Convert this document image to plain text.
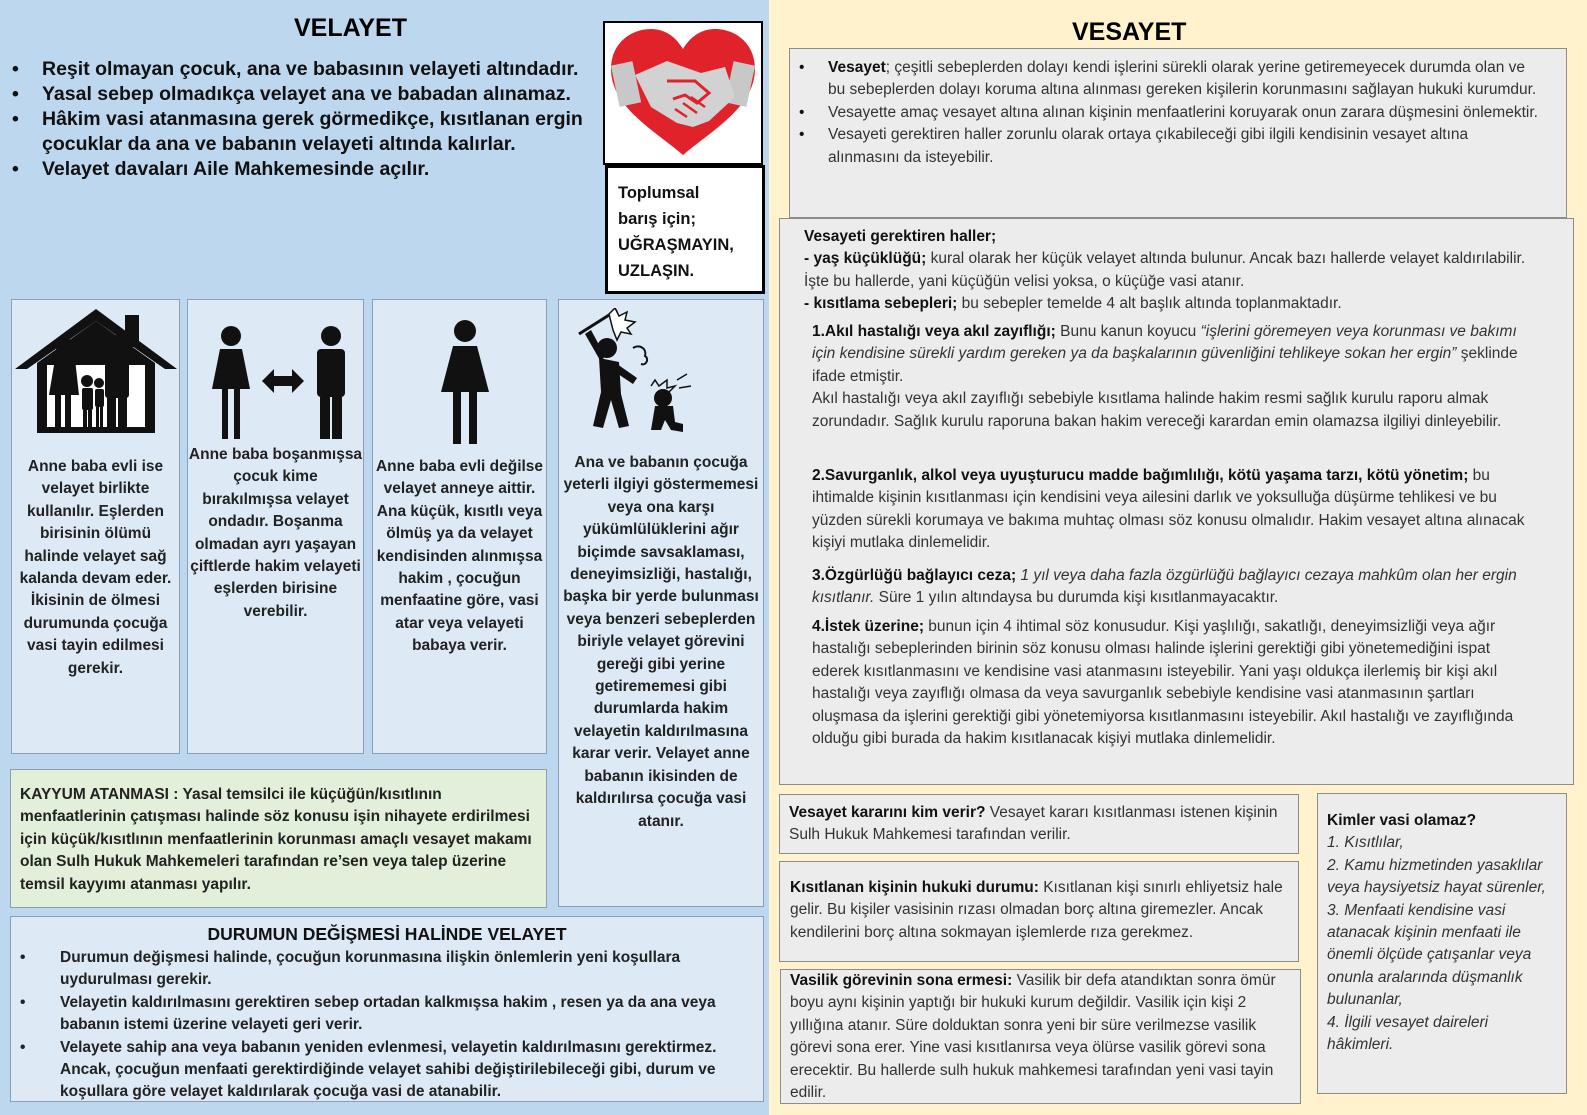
VELAYET
• Reşit olmayan çocuk, ana ve babasının velayeti altındadır.
• Yasal sebep olmadıkça velayet ana ve babadan alınamaz.
• Hâkim vasi atanmasına gerek görmedikçe, kısıtlanan ergin çocuklar da ana ve babanın velayeti altında kalırlar.
• Velayet davaları Aile Mahkemesinde açılır.
Toplumsal
barış için;
UĞRAŞMAYIN,
UZLAŞIN.
Anne baba evli ise velayet birlikte kullanılır. Eşlerden birisinin ölümü halinde velayet sağ kalanda devam eder. İkisinin de ölmesi durumunda çocuğa vasi tayin edilmesi gerekir.
Anne baba boşanmışsa çocuk kime bırakılmışsa velayet ondadır. Boşanma olmadan ayrı yaşayan çiftlerde hakim velayeti eşlerden birisine verebilir.
Anne baba evli değilse velayet anneye aittir. Ana küçük, kısıtlı veya ölmüş ya da velayet kendisinden alınmışsa hakim , çocuğun menfaatine göre, vasi atar veya velayeti babaya verir.
Ana ve babanın çocuğa yeterli ilgiyi göstermemesi veya ona karşı yükümlülüklerini ağır biçimde savsaklaması, deneyimsizliği, hastalığı, başka bir yerde bulunması veya benzeri sebeplerden biriyle velayet görevini gereği gibi yerine getirememesi gibi durumlarda hakim velayetin kaldırılmasına karar verir. Velayet anne babanın ikisinden de kaldırılırsa çocuğa vasi atanır.
KAYYUM ATANMASI : Yasal temsilci ile küçüğün/kısıtlının menfaatlerinin çatışması halinde söz konusu işin nihayete erdirilmesi için küçük/kısıtlının menfaatlerinin korunması amaçlı vesayet makamı olan Sulh Hukuk Mahkemeleri tarafından re’sen veya talep üzerine temsil kayyımı atanması yapılır.
DURUMUN DEĞİŞMESİ HALİNDE VELAYET
• Durumun değişmesi halinde, çocuğun korunmasına ilişkin önlemlerin yeni koşullara uydurulması gerekir.
• Velayetin kaldırılmasını gerektiren sebep ortadan kalkmışsa hakim , resen ya da ana veya babanın istemi üzerine velayeti geri verir.
• Velayete sahip ana veya babanın yeniden evlenmesi, velayetin kaldırılmasını gerektirmez. Ancak, çocuğun menfaati gerektirdiğinde velayet sahibi değiştirilebileceği gibi, durum ve koşullara göre velayet kaldırılarak çocuğa vasi de atanabilir.
VESAYET
• Vesayet; çeşitli sebeplerden dolayı kendi işlerini sürekli olarak yerine getiremeyecek durumda olan ve bu sebeplerden dolayı koruma altına alınması gereken kişilerin korunmasını sağlayan hukuki kurumdur.
• Vesayette amaç vesayet altına alınan kişinin menfaatlerini koruyarak onun zarara düşmesini önlemektir.
• Vesayeti gerektiren haller zorunlu olarak ortaya çıkabileceği gibi ilgili kendisinin vesayet altına alınmasını da isteyebilir.
Vesayeti gerektiren haller;
- yaş küçüklüğü; kural olarak her küçük velayet altında bulunur. Ancak bazı hallerde velayet kaldırılabilir. İşte bu hallerde, yani küçüğün velisi yoksa, o küçüğe vasi atanır.
- kısıtlama sebepleri; bu sebepler temelde 4 alt başlık altında toplanmaktadır.
1.Akıl hastalığı veya akıl zayıflığı; Bunu kanun koyucu “işlerini göremeyen veya korunması ve bakımı için kendisine sürekli yardım gereken ya da başkalarının güvenliğini tehlikeye sokan her ergin” şeklinde ifade etmiştir.
Akıl hastalığı veya akıl zayıflığı sebebiyle kısıtlama halinde hakim resmi sağlık kurulu raporu almak zorundadır. Sağlık kurulu raporuna bakan hakim vereceği karardan emin olamazsa ilgiliyi dinleyebilir.
2.Savurganlık, alkol veya uyuşturucu madde bağımlılığı, kötü yaşama tarzı, kötü yönetim; bu ihtimalde kişinin kısıtlanması için kendisini veya ailesini darlık ve yoksulluğa düşürme tehlikesi ve bu yüzden sürekli korumaya ve bakıma muhtaç olması söz konusu olmalıdır. Hakim vesayet altına alınacak kişiyi mutlaka dinlemelidir.
3.Özgürlüğü bağlayıcı ceza; 1 yıl veya daha fazla özgürlüğü bağlayıcı cezaya mahkûm olan her ergin kısıtlanır. Süre 1 yılın altındaysa bu durumda kişi kısıtlanmayacaktır.
4.İstek üzerine; bunun için 4 ihtimal söz konusudur. Kişi yaşlılığı, sakatlığı, deneyimsizliği veya ağır hastalığı sebeplerinden birinin söz konusu olması halinde işlerini gerektiği gibi yönetemediğini ispat ederek kısıtlanmasını ve kendisine vasi atanmasını isteyebilir. Yani yaşı oldukça ilerlemiş bir kişi akıl hastalığı veya zayıflığı olmasa da veya savurganlık sebebiyle kendisine vasi atanmasının şartları oluşmasa da işlerini gerektiği gibi yönetemiyorsa kısıtlanmasını isteyebilir. Akıl hastalığı ve zayıflığında olduğu gibi burada da hakim kısıtlanacak kişiyi mutlaka dinlemelidir.
Vesayet kararını kim verir? Vesayet kararı kısıtlanması istenen kişinin Sulh Hukuk Mahkemesi tarafından verilir.
Kısıtlanan kişinin hukuki durumu: Kısıtlanan kişi sınırlı ehliyetsiz hale gelir. Bu kişiler vasisinin rızası olmadan borç altına giremezler. Ancak kendilerini borç altına sokmayan işlemlerde rıza gerekmez.
Vasilik görevinin sona ermesi: Vasilik bir defa atandıktan sonra ömür boyu aynı kişinin yaptığı bir hukuki kurum değildir. Vasilik için kişi 2 yıllığına atanır. Süre dolduktan sonra yeni bir süre verilmezse vasilik görevi sona erer. Yine vasi kısıtlanırsa veya ölürse vasilik görevi sona erecektir. Bu hallerde sulh hukuk mahkemesi tarafından yeni vasi tayin edilir.
Kimler vasi olamaz?
1. Kısıtlılar,
2. Kamu hizmetinden yasaklılar veya haysiyetsiz hayat sürenler,
3. Menfaati kendisine vasi atanacak kişinin menfaati ile önemli ölçüde çatışanlar veya onunla aralarında düşmanlık bulunanlar,
4. İlgili vesayet daireleri hâkimleri.
